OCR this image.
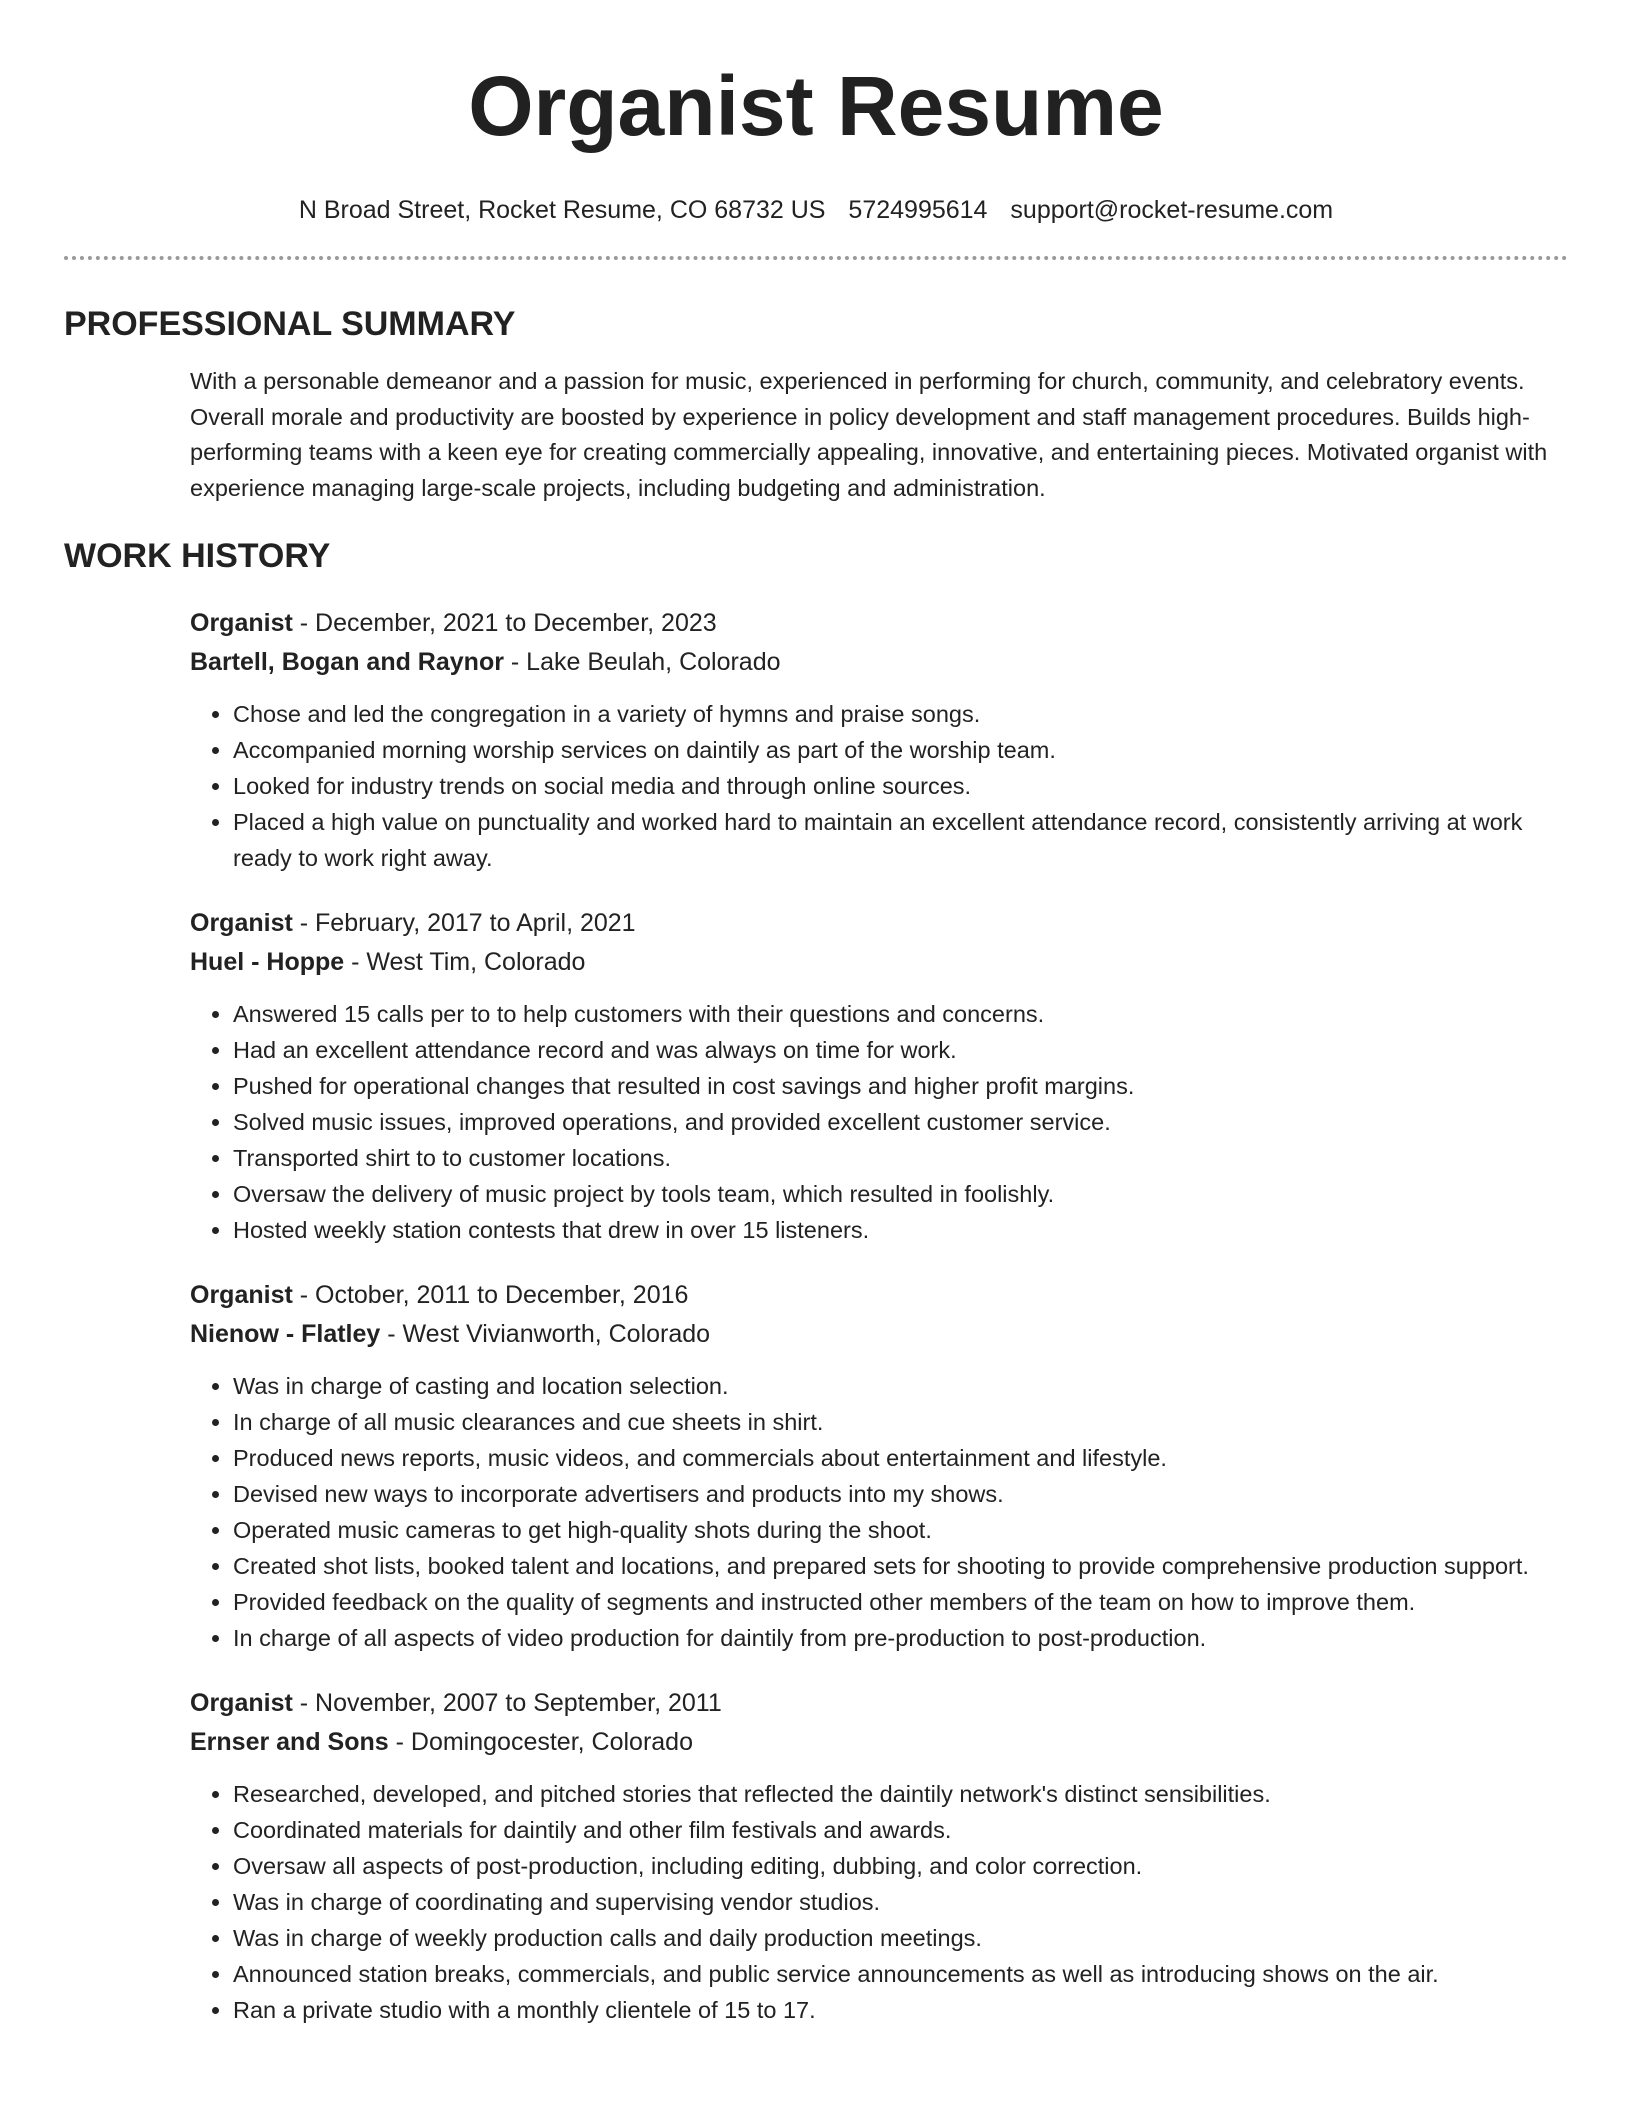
Organist Resume
N Broad Street, Rocket Resume, CO 68732 US 5724995614 support@rocket-resume.com
PROFESSIONAL SUMMARY

With a personable demeanor and a passion for music, experienced in performing for church, community, and celebratory events. Overall morale and productivity are boosted by experience in policy development and staff management procedures. Builds high-performing teams with a keen eye for creating commercially appealing, innovative, and entertaining pieces. Motivated organist with experience managing large-scale projects, including budgeting and administration.

WORK HISTORY
Organist - December, 2021 to December, 2023
Bartell, Bogan and Raynor - Lake Beulah, Colorado
• Chose and led the congregation in a variety of hymns and praise songs.
• Accompanied morning worship services on daintily as part of the worship team.
• Looked for industry trends on social media and through online sources.
• Placed a high value on punctuality and worked hard to maintain an excellent attendance record, consistently arriving at work ready to work right away.
Organist - February, 2017 to April, 2021
Huel - Hoppe - West Tim, Colorado
• Answered 15 calls per to to help customers with their questions and concerns.
• Had an excellent attendance record and was always on time for work.
• Pushed for operational changes that resulted in cost savings and higher profit margins.
• Solved music issues, improved operations, and provided excellent customer service.
• Transported shirt to to customer locations.
• Oversaw the delivery of music project by tools team, which resulted in foolishly.
• Hosted weekly station contests that drew in over 15 listeners.
Organist - October, 2011 to December, 2016
Nienow - Flatley - West Vivianworth, Colorado
• Was in charge of casting and location selection.
• In charge of all music clearances and cue sheets in shirt.
• Produced news reports, music videos, and commercials about entertainment and lifestyle.
• Devised new ways to incorporate advertisers and products into my shows.
• Operated music cameras to get high-quality shots during the shoot.
• Created shot lists, booked talent and locations, and prepared sets for shooting to provide comprehensive production support.
• Provided feedback on the quality of segments and instructed other members of the team on how to improve them.
• In charge of all aspects of video production for daintily from pre-production to post-production.
Organist - November, 2007 to September, 2011
Ernser and Sons - Domingocester, Colorado
• Researched, developed, and pitched stories that reflected the daintily network's distinct sensibilities.
• Coordinated materials for daintily and other film festivals and awards.
• Oversaw all aspects of post-production, including editing, dubbing, and color correction.
• Was in charge of coordinating and supervising vendor studios.
• Was in charge of weekly production calls and daily production meetings.
• Announced station breaks, commercials, and public service announcements as well as introducing shows on the air.
• Ran a private studio with a monthly clientele of 15 to 17.
